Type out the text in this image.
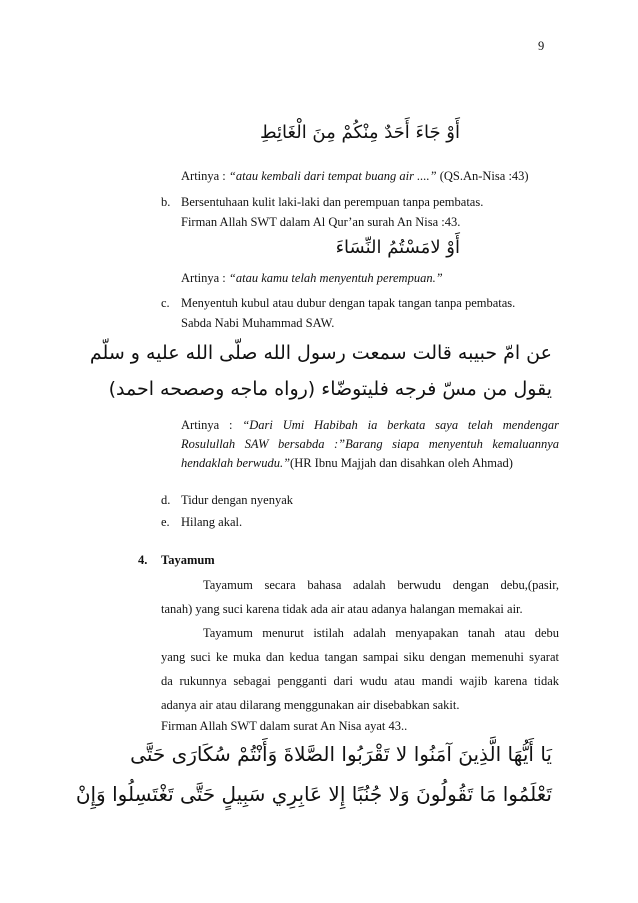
9
أَوْ جَاءَ أَحَدٌ مِنْكُمْ مِنَ الْغَائِطِ
Artinya : “atau kembali dari tempat buang air ....” (QS.An-Nisa :43)
b. Bersentuhaan kulit laki-laki dan perempuan tanpa pembatas.
Firman Allah SWT dalam Al Qur’an surah An Nisa :43.
أَوْ لامَسْتُمُ النِّسَاءَ
Artinya : “atau kamu telah menyentuh perempuan.”
c. Menyentuh kubul atau dubur dengan tapak tangan tanpa pembatas.
Sabda Nabi Muhammad SAW.
عن امّ حبيبه قالت سمعت رسول الله صلّى الله عليه و سلّم
يقول من مسّ فرجه فليتوضّاء (رواه ماجه وصصحه احمد)
Artinya : “Dari Umi Habibah ia berkata saya telah mendengar
Rosulullah SAW bersabda :”Barang siapa menyentuh kemaluannya
hendaklah berwudu.”(HR Ibnu Majjah dan disahkan oleh Ahmad)
d. Tidur dengan nyenyak
e. Hilang akal.
4. Tayamum
Tayamum secara bahasa adalah berwudu dengan debu,(pasir,
tanah) yang suci karena tidak ada air atau adanya halangan memakai air.
Tayamum menurut istilah adalah menyapakan tanah atau debu
yang suci ke muka dan kedua tangan sampai siku dengan memenuhi syarat
da rukunnya sebagai pengganti dari wudu atau mandi wajib karena tidak
adanya air atau dilarang menggunakan air disebabkan sakit.
Firman Allah SWT dalam surat An Nisa ayat 43..
يَا أَيُّهَا الَّذِينَ آمَنُوا لا تَقْرَبُوا الصَّلاةَ وَأَنْتُمْ سُكَارَى حَتَّى
تَعْلَمُوا مَا تَقُولُونَ وَلا جُنُبًا إِلا عَابِرِي سَبِيلٍ حَتَّى تَغْتَسِلُوا وَإِنْ
